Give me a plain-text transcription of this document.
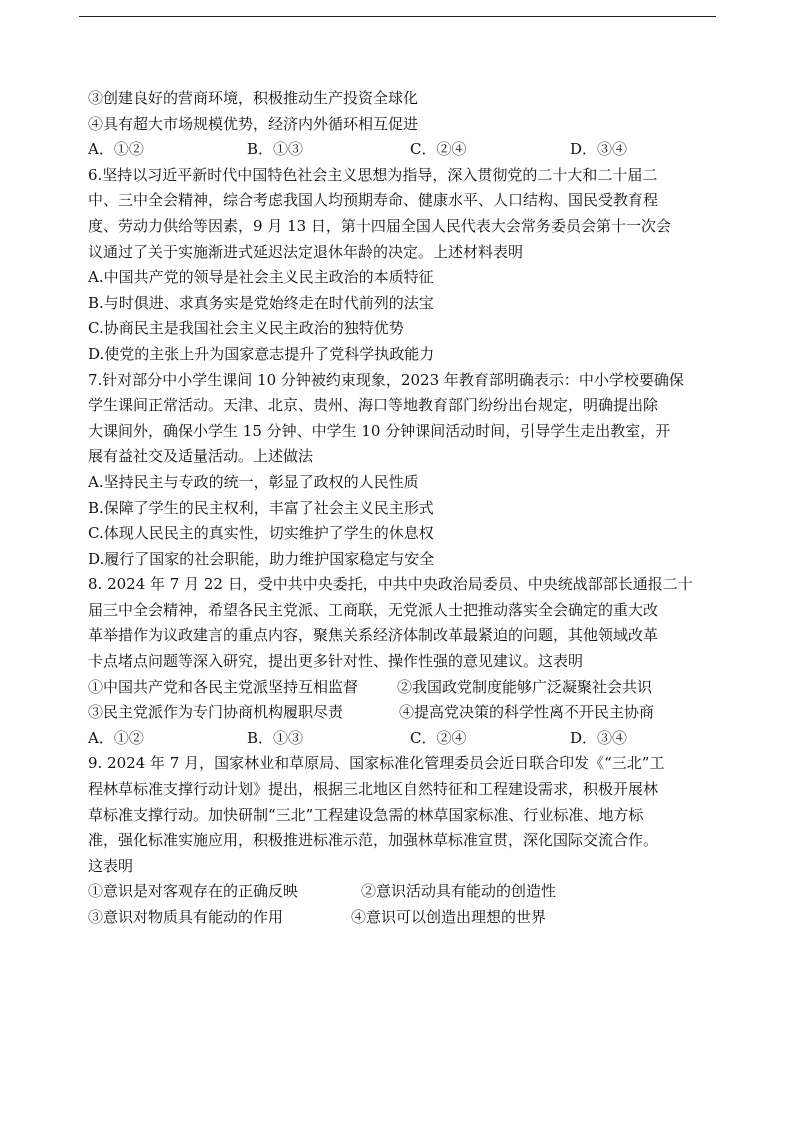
③创建良好的营商环境，积极推动生产投资全球化
④具有超大市场规模优势，经济内外循环相互促进
A．①②	B．①③	C．②④	D．③④
6.坚持以习近平新时代中国特色社会主义思想为指导，深入贯彻党的二十大和二十届二
中、三中全会精神，综合考虑我国人均预期寿命、健康水平、人口结构、国民受教育程
度、劳动力供给等因素，9 月 13 日，第十四届全国人民代表大会常务委员会第十一次会
议通过了关于实施渐进式延迟法定退休年龄的决定。上述材料表明
A.中国共产党的领导是社会主义民主政治的本质特征
B.与时俱进、求真务实是党始终走在时代前列的法宝
C.协商民主是我国社会主义民主政治的独特优势
D.使党的主张上升为国家意志提升了党科学执政能力
7.针对部分中小学生课间 10 分钟被约束现象，2023 年教育部明确表示：中小学校要确保
学生课间正常活动。天津、北京、贵州、海口等地教育部门纷纷出台规定，明确提出除
大课间外，确保小学生 15 分钟、中学生 10 分钟课间活动时间，引导学生走出教室，开
展有益社交及适量活动。上述做法
A.坚持民主与专政的统一，彰显了政权的人民性质
B.保障了学生的民主权利，丰富了社会主义民主形式
C.体现人民民主的真实性，切实维护了学生的休息权
D.履行了国家的社会职能，助力维护国家稳定与安全
8. 2024 年 7 月 22 日，受中共中央委托，中共中央政治局委员、中央统战部部长通报二十
届三中全会精神，希望各民主党派、工商联，无党派人士把推动落实全会确定的重大改
革举措作为议政建言的重点内容，聚焦关系经济体制改革最紧迫的问题，其他领域改革
卡点堵点问题等深入研究，提出更多针对性、操作性强的意见建议。这表明
①中国共产党和各民主党派坚持互相监督	②我国政党制度能够广泛凝聚社会共识
③民主党派作为专门协商机构履职尽责	④提高党决策的科学性离不开民主协商
A．①②	B．①③	C．②④	D．③④
9. 2024 年 7 月，国家林业和草原局、国家标准化管理委员会近日联合印发《“三北”工
程林草标准支撑行动计划》提出，根据三北地区自然特征和工程建设需求，积极开展林
草标准支撑行动。加快研制“三北”工程建设急需的林草国家标准、行业标准、地方标
准，强化标准实施应用，积极推进标准示范，加强林草标准宣贯，深化国际交流合作。
这表明
①意识是对客观存在的正确反映	②意识活动具有能动的创造性
③意识对物质具有能动的作用	④意识可以创造出理想的世界
